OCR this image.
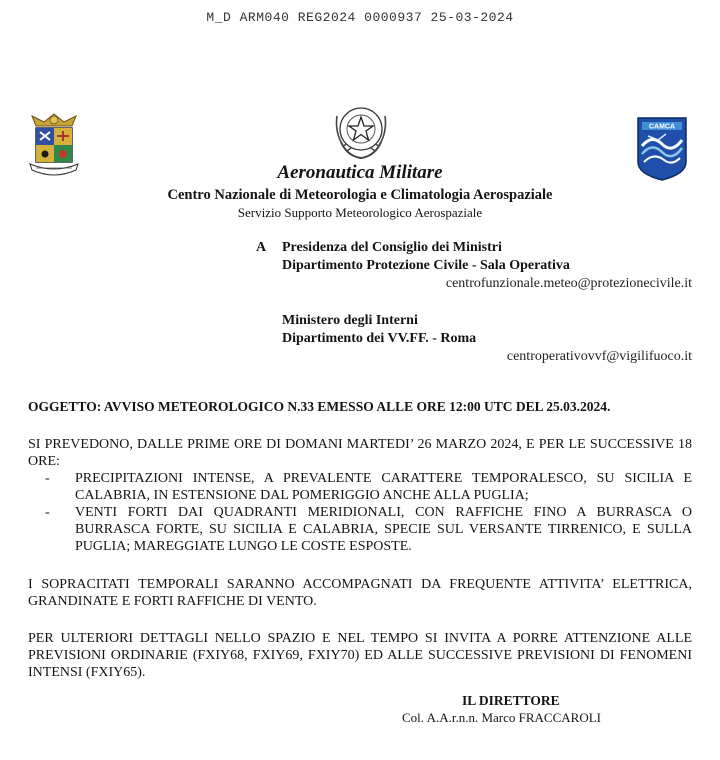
M_D ARM040 REG2024 0000937 25-03-2024
CAMCA
Aeronautica Militare
Centro Nazionale di Meteorologia e Climatologia Aerospaziale
Servizio Supporto Meteorologico Aerospaziale
A Presidenza del Consiglio dei Ministri
Dipartimento Protezione Civile - Sala Operativa
centrofunzionale.meteo@protezionecivile.it
Ministero degli Interni
Dipartimento dei VV.FF. - Roma
centroperativovvf@vigilifuoco.it
OGGETTO: AVVISO METEOROLOGICO N.33 EMESSO ALLE ORE 12:00 UTC DEL 25.03.2024.
SI PREVEDONO, DALLE PRIME ORE DI DOMANI MARTEDI’ 26 MARZO 2024, E PER LE SUCCESSIVE 18 ORE:
-	PRECIPITAZIONI INTENSE, A PREVALENTE CARATTERE TEMPORALESCO, SU SICILIA E CALABRIA, IN ESTENSIONE DAL POMERIGGIO ANCHE ALLA PUGLIA;
-	VENTI FORTI DAI QUADRANTI MERIDIONALI, CON RAFFICHE FINO A BURRASCA O BURRASCA FORTE, SU SICILIA E CALABRIA, SPECIE SUL VERSANTE TIRRENICO, E SULLA PUGLIA; MAREGGIATE LUNGO LE COSTE ESPOSTE.
I SOPRACITATI TEMPORALI SARANNO ACCOMPAGNATI DA FREQUENTE ATTIVITA’ ELETTRICA, GRANDINATE E FORTI RAFFICHE DI VENTO.
PER ULTERIORI DETTAGLI NELLO SPAZIO E NEL TEMPO SI INVITA A PORRE ATTENZIONE ALLE PREVISIONI ORDINARIE (FXIY68, FXIY69, FXIY70) ED ALLE SUCCESSIVE PREVISIONI DI FENOMENI INTENSI (FXIY65).
IL DIRETTORE
Col. A.A.r.n.n. Marco FRACCAROLI
